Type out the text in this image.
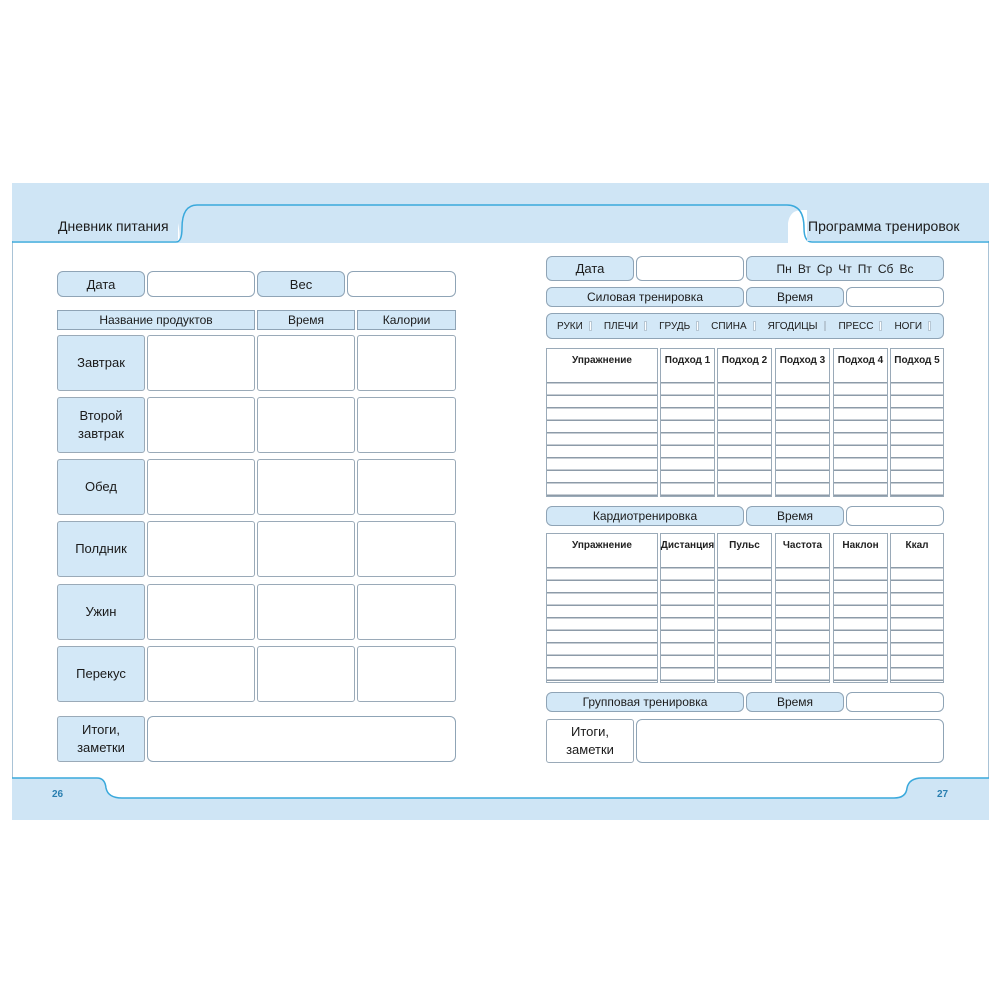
Дневник питания
26
Дата	Вес
Название продуктов	Время	Калории
Завтрак
Второй завтрак
Обед
Полдник
Ужин
Перекус
Итоги, заметки
Программа тренировок
27
Дата	Пн Вт Ср Чт Пт Сб Вс
Силовая тренировка	Время
РУКИ ПЛЕЧИ ГРУДЬ СПИНА ЯГОДИЦЫ ПРЕСС НОГИ
Упражнение	Подход 1	Подход 2	Подход 3	Подход 4	Подход 5
Кардиотренировка	Время
Упражнение	Дистанция	Пульс	Частота	Наклон	Ккал
Групповая тренировка	Время
Итоги, заметки
